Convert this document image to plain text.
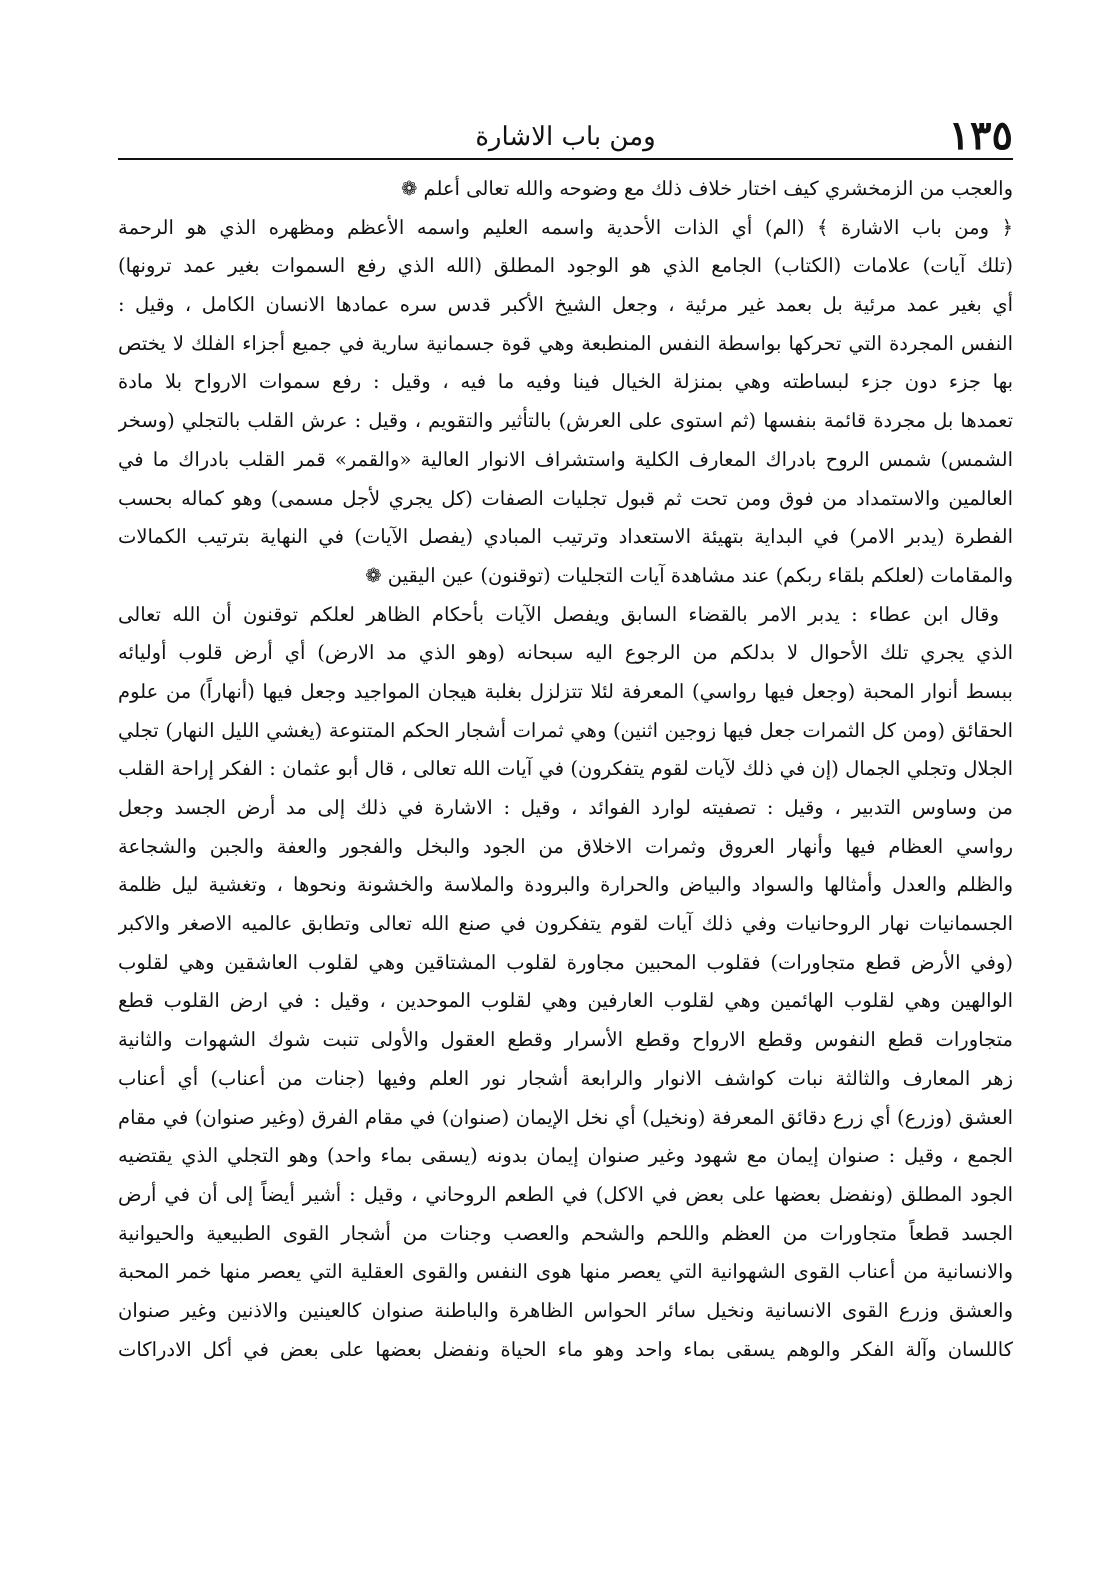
١٣٥
ومن باب الاشارة
والعجب من الزمخشري كيف اختار خلاف ذلك مع وضوحه والله تعالى أعلم ❁
﴿ ومن باب الاشارة ﴾ (الم) أي الذات الأحدية واسمه العليم واسمه الأعظم ومظهره الذي هو الرحمة
(تلك آيات) علامات (الكتاب) الجامع الذي هو الوجود المطلق (الله الذي رفع السموات بغير عمد ترونها)
أي بغير عمد مرئية بل بعمد غير مرئية ، وجعل الشيخ الأكبر قدس سره عمادها الانسان الكامل ، وقيل :
النفس المجردة التي تحركها بواسطة النفس المنطبعة وهي قوة جسمانية سارية في جميع أجزاء الفلك لا يختص
بها جزء دون جزء لبساطته وهي بمنزلة الخيال فينا وفيه ما فيه ، وقيل : رفع سموات الارواح بلا مادة
تعمدها بل مجردة قائمة بنفسها (ثم استوى على العرش) بالتأثير والتقويم ، وقيل : عرش القلب بالتجلي (وسخر
الشمس) شمس الروح بادراك المعارف الكلية واستشراف الانوار العالية «والقمر» قمر القلب بادراك ما في
العالمين والاستمداد من فوق ومن تحت ثم قبول تجليات الصفات (كل يجري لأجل مسمى) وهو كماله بحسب
الفطرة (يدبر الامر) في البداية بتهيئة الاستعداد وترتيب المبادي (يفصل الآيات) في النهاية بترتيب الكمالات
والمقامات (لعلكم بلقاء ربكم) عند مشاهدة آيات التجليات (توقنون) عين اليقين ❁
وقال ابن عطاء : يدبر الامر بالقضاء السابق ويفصل الآيات بأحكام الظاهر لعلكم توقنون أن الله تعالى
الذي يجري تلك الأحوال لا بدلكم من الرجوع اليه سبحانه (وهو الذي مد الارض) أي أرض قلوب أوليائه
ببسط أنوار المحبة (وجعل فيها رواسي) المعرفة لئلا تتزلزل بغلبة هيجان المواجيد وجعل فيها (أنهاراً) من علوم
الحقائق (ومن كل الثمرات جعل فيها زوجين اثنين) وهي ثمرات أشجار الحكم المتنوعة (يغشي الليل النهار) تجلي
الجلال وتجلي الجمال (إن في ذلك لآيات لقوم يتفكرون) في آيات الله تعالى ، قال أبو عثمان : الفكر إراحة القلب
من وساوس التدبير ، وقيل : تصفيته لوارد الفوائد ، وقيل : الاشارة في ذلك إلى مد أرض الجسد وجعل
رواسي العظام فيها وأنهار العروق وثمرات الاخلاق من الجود والبخل والفجور والعفة والجبن والشجاعة
والظلم والعدل وأمثالها والسواد والبياض والحرارة والبرودة والملاسة والخشونة ونحوها ، وتغشية ليل ظلمة
الجسمانيات نهار الروحانيات وفي ذلك آيات لقوم يتفكرون في صنع الله تعالى وتطابق عالميه الاصغر والاكبر
(وفي الأرض قطع متجاورات) فقلوب المحبين مجاورة لقلوب المشتاقين وهي لقلوب العاشقين وهي لقلوب
الوالهين وهي لقلوب الهائمين وهي لقلوب العارفين وهي لقلوب الموحدين ، وقيل : في ارض القلوب قطع
متجاورات قطع النفوس وقطع الارواح وقطع الأسرار وقطع العقول والأولى تنبت شوك الشهوات والثانية
زهر المعارف والثالثة نبات كواشف الانوار والرابعة أشجار نور العلم وفيها (جنات من أعناب) أي أعناب
العشق (وزرع) أي زرع دقائق المعرفة (ونخيل) أي نخل الإيمان (صنوان) في مقام الفرق (وغير صنوان) في مقام
الجمع ، وقيل : صنوان إيمان مع شهود وغير صنوان إيمان بدونه (يسقى بماء واحد) وهو التجلي الذي يقتضيه
الجود المطلق (ونفضل بعضها على بعض في الاكل) في الطعم الروحاني ، وقيل : أشير أيضاً إلى أن في أرض
الجسد قطعاً متجاورات من العظم واللحم والشحم والعصب وجنات من أشجار القوى الطبيعية والحيوانية
والانسانية من أعناب القوى الشهوانية التي يعصر منها هوى النفس والقوى العقلية التي يعصر منها خمر المحبة
والعشق وزرع القوى الانسانية ونخيل سائر الحواس الظاهرة والباطنة صنوان كالعينين والاذنين وغير صنوان
كاللسان وآلة الفكر والوهم يسقى بماء واحد وهو ماء الحياة ونفضل بعضها على بعض في أكل الادراكات
